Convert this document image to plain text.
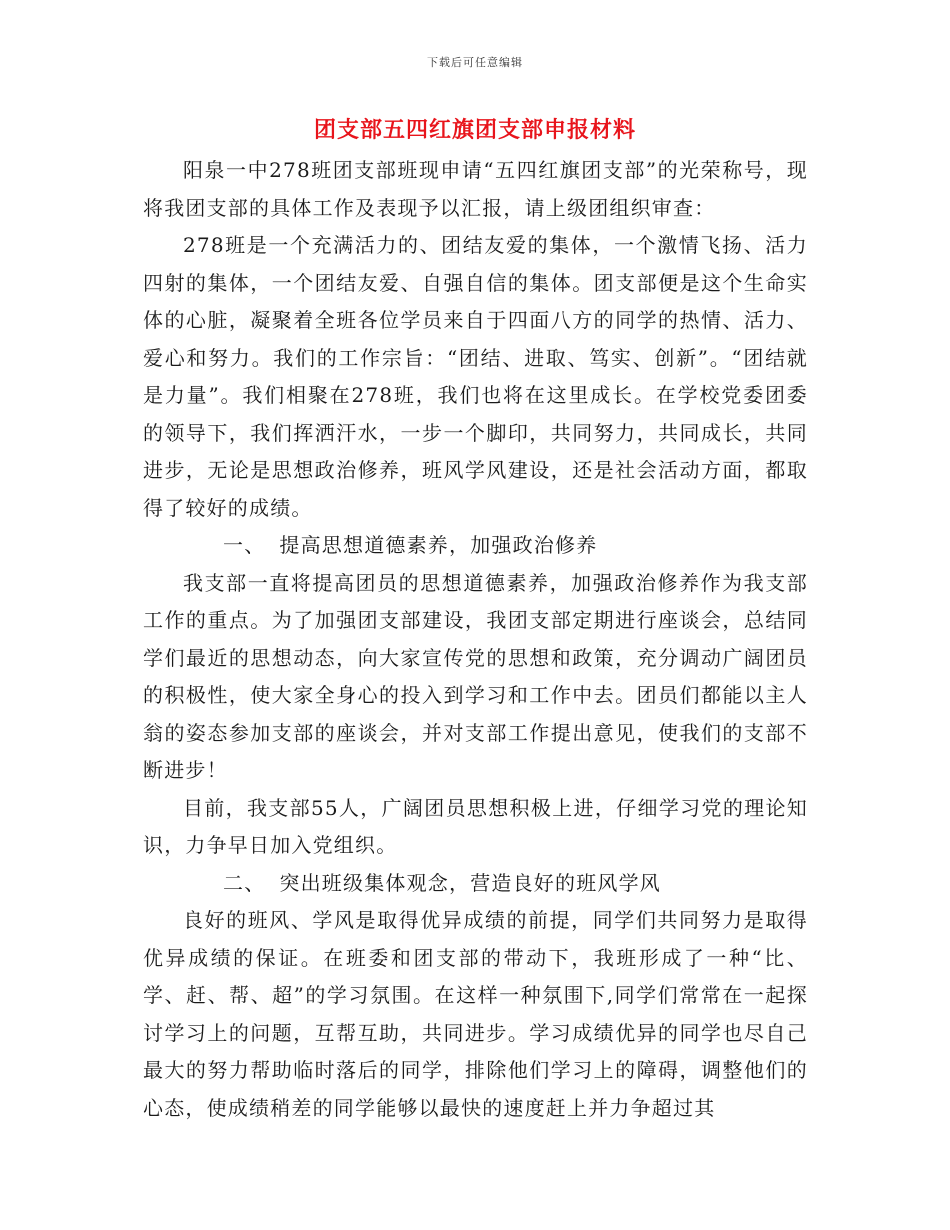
下载后可任意编辑
团支部五四红旗团支部申报材料

阳泉一中278班团支部班现申请“五四红旗团支部”的光荣称号，现将我团支部的具体工作及表现予以汇报，请上级团组织审查：

278班是一个充满活力的、团结友爱的集体，一个激情飞扬、活力四射的集体，一个团结友爱、自强自信的集体。团支部便是这个生命实体的心脏，凝聚着全班各位学员来自于四面八方的同学的热情、活力、爱心和努力。我们的工作宗旨：“团结、进取、笃实、创新”。“团结就是力量”。我们相聚在278班，我们也将在这里成长。在学校党委团委的领导下，我们挥洒汗水，一步一个脚印，共同努力，共同成长，共同进步，无论是思想政治修养，班风学风建设，还是社会活动方面，都取得了较好的成绩。

一、 提高思想道德素养，加强政治修养

我支部一直将提高团员的思想道德素养，加强政治修养作为我支部工作的重点。为了加强团支部建设，我团支部定期进行座谈会，总结同学们最近的思想动态，向大家宣传党的思想和政策，充分调动广阔团员的积极性，使大家全身心的投入到学习和工作中去。团员们都能以主人翁的姿态参加支部的座谈会，并对支部工作提出意见，使我们的支部不断进步！

目前，我支部55人，广阔团员思想积极上进，仔细学习党的理论知识，力争早日加入党组织。

二、 突出班级集体观念，营造良好的班风学风

良好的班风、学风是取得优异成绩的前提，同学们共同努力是取得优异成绩的保证。在班委和团支部的带动下，我班形成了一种“比、学、赶、帮、超”的学习氛围。在这样一种氛围下,同学们常常在一起探讨学习上的问题，互帮互助，共同进步。学习成绩优异的同学也尽自己最大的努力帮助临时落后的同学，排除他们学习上的障碍，调整他们的心态，使成绩稍差的同学能够以最快的速度赶上并力争超过其
